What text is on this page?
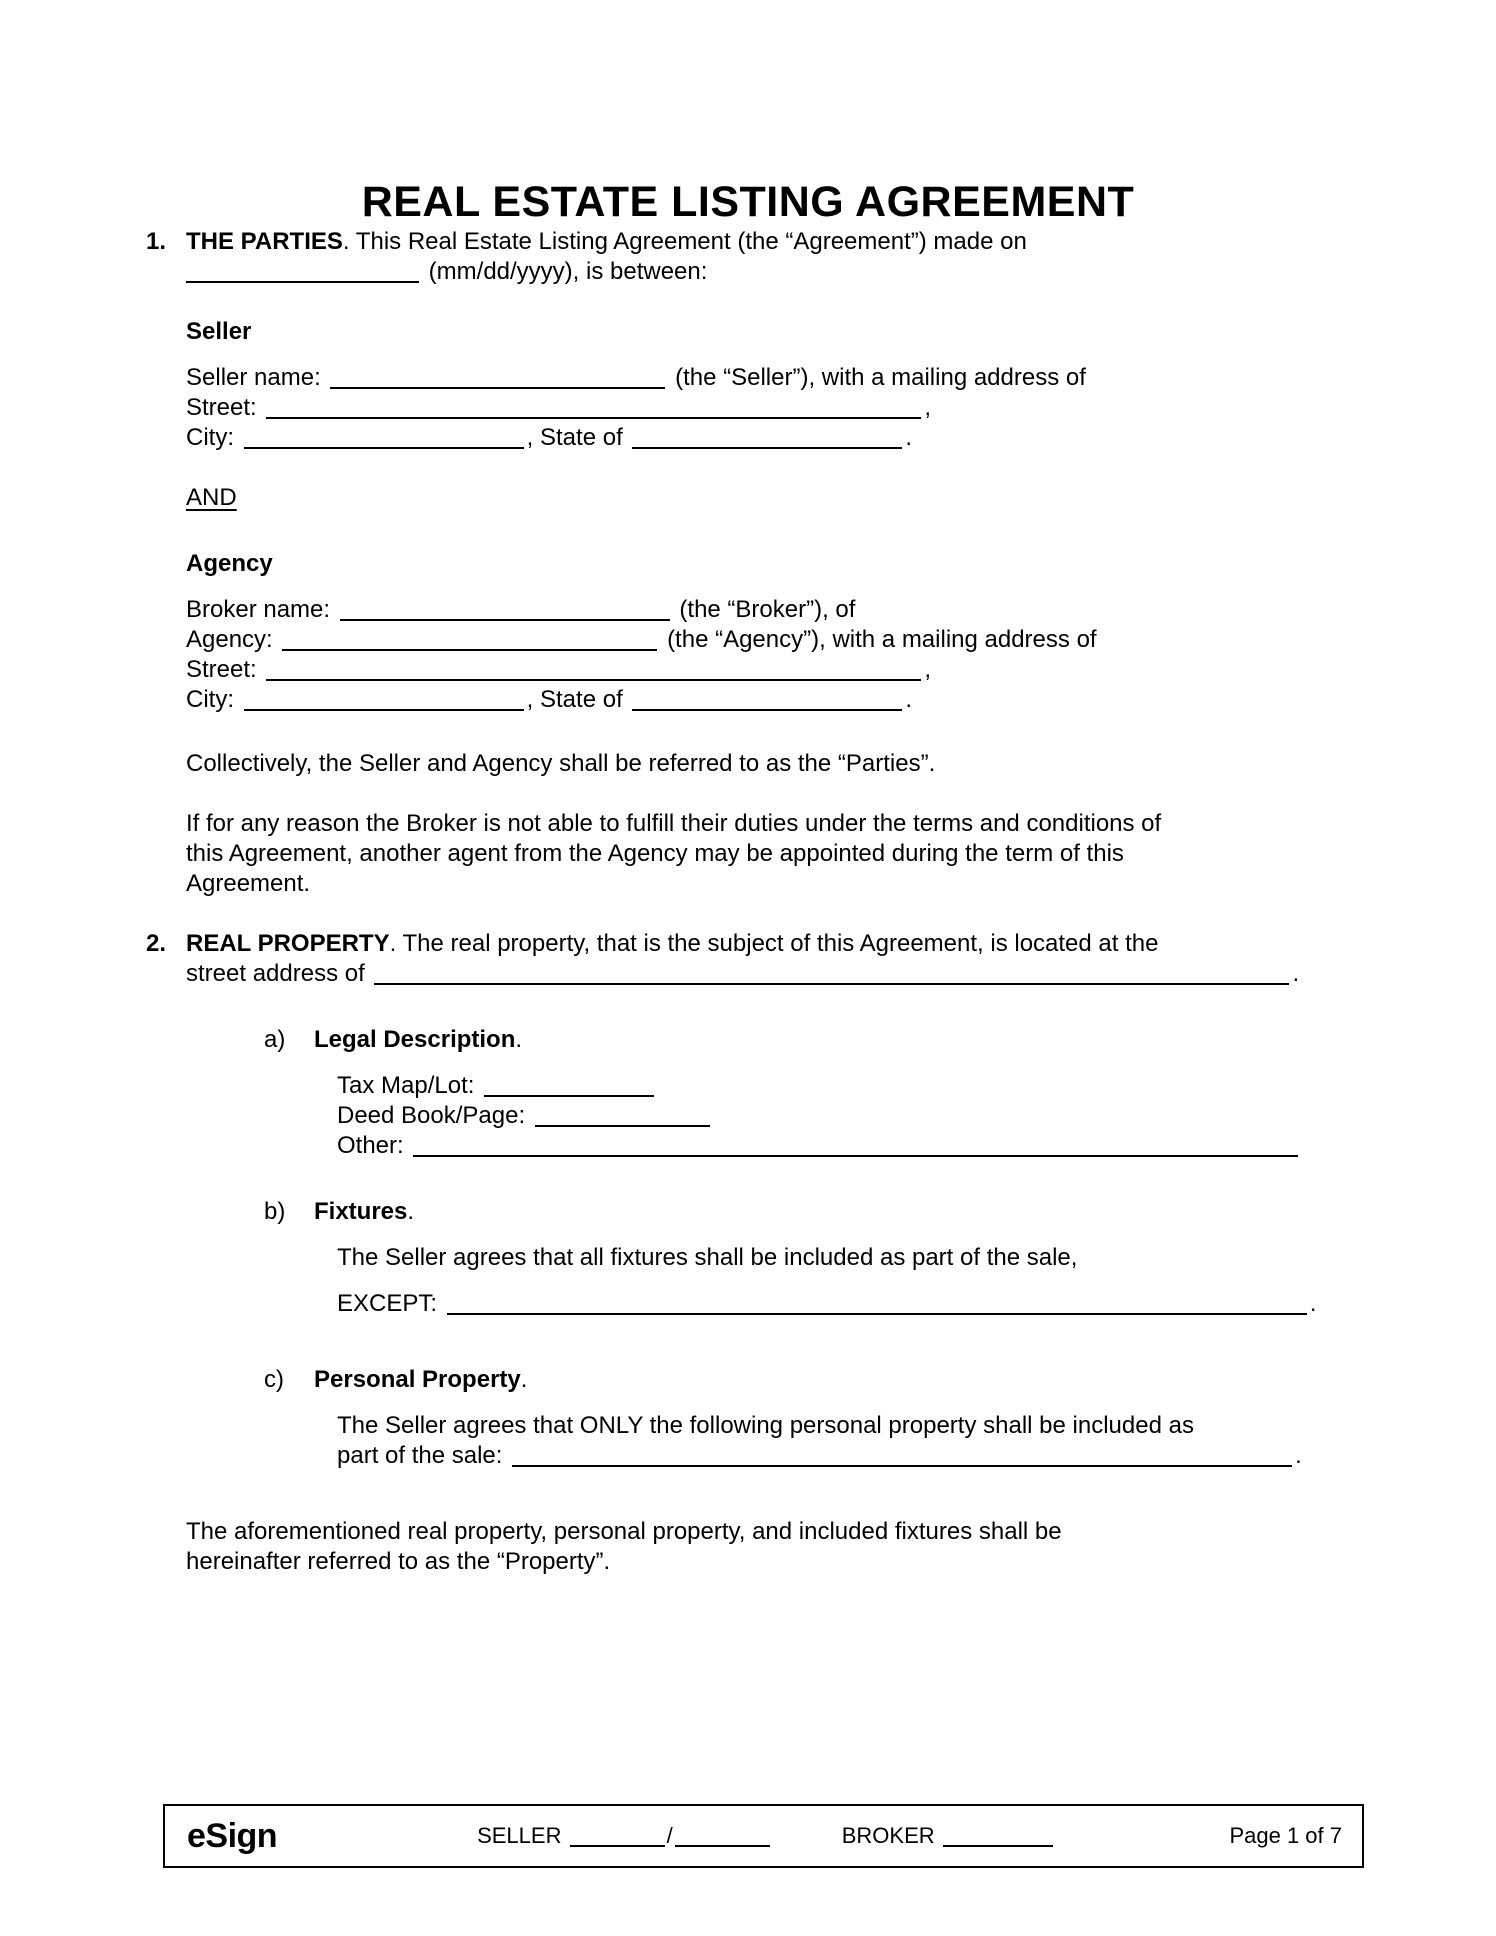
REAL ESTATE LISTING AGREEMENT
1. THE PARTIES. This Real Estate Listing Agreement (the “Agreement”) made on
(mm/dd/yyyy), is between:
Seller
Seller name:	(the “Seller”), with a mailing address of
Street:	,
City:	, State of	.
AND
Agency
Broker name:	(the “Broker”), of
Agency:	(the “Agency”), with a mailing address of
Street:	,
City:	, State of	.
Collectively, the Seller and Agency shall be referred to as the “Parties”.
If for any reason the Broker is not able to fulfill their duties under the terms and conditions of
this Agreement, another agent from the Agency may be appointed during the term of this
Agreement.
2. REAL PROPERTY. The real property, that is the subject of this Agreement, is located at the
street address of	.
a) Legal Description.
Tax Map/Lot:
Deed Book/Page:
Other:
b) Fixtures.
The Seller agrees that all fixtures shall be included as part of the sale,
EXCEPT:	.
c) Personal Property.
The Seller agrees that ONLY the following personal property shall be included as
part of the sale:	.
The aforementioned real property, personal property, and included fixtures shall be
hereinafter referred to as the “Property”.
eSign	SELLER	/	BROKER	Page 1 of 7
